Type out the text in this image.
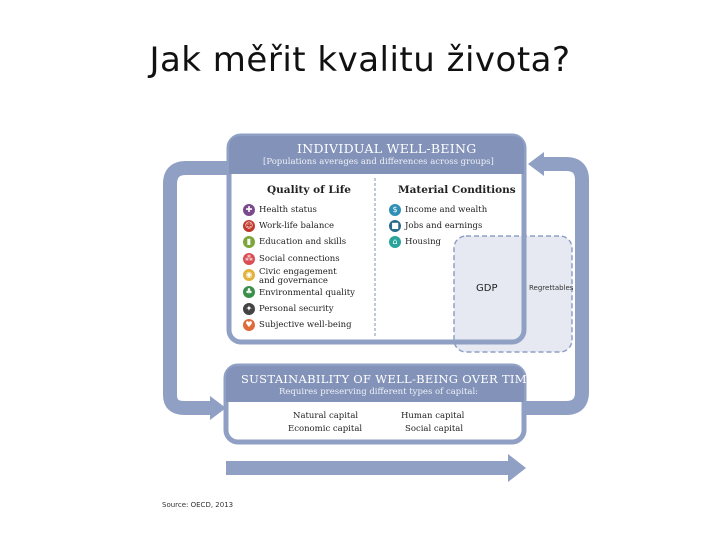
Jak měřit kvalitu života?
INDIVIDUAL WELL-BEING
[Populations averages and differences across groups]
Quality of Life	Material Conditions
✚ Health status
☺ Work-life balance
▮ Education and skills
⁂ Social connections
◉ Civic engagement
and governance
♣ Environmental quality
✦ Personal security
♥ Subjective well-being
$ Income and wealth
■ Jobs and earnings
⌂ Housing
GDP	Regrettables
SUSTAINABILITY OF WELL-BEING OVER TIME
Requires preserving different types of capital:
Natural capital	Human capital
Economic capital	Social capital
Source: OECD, 2013
